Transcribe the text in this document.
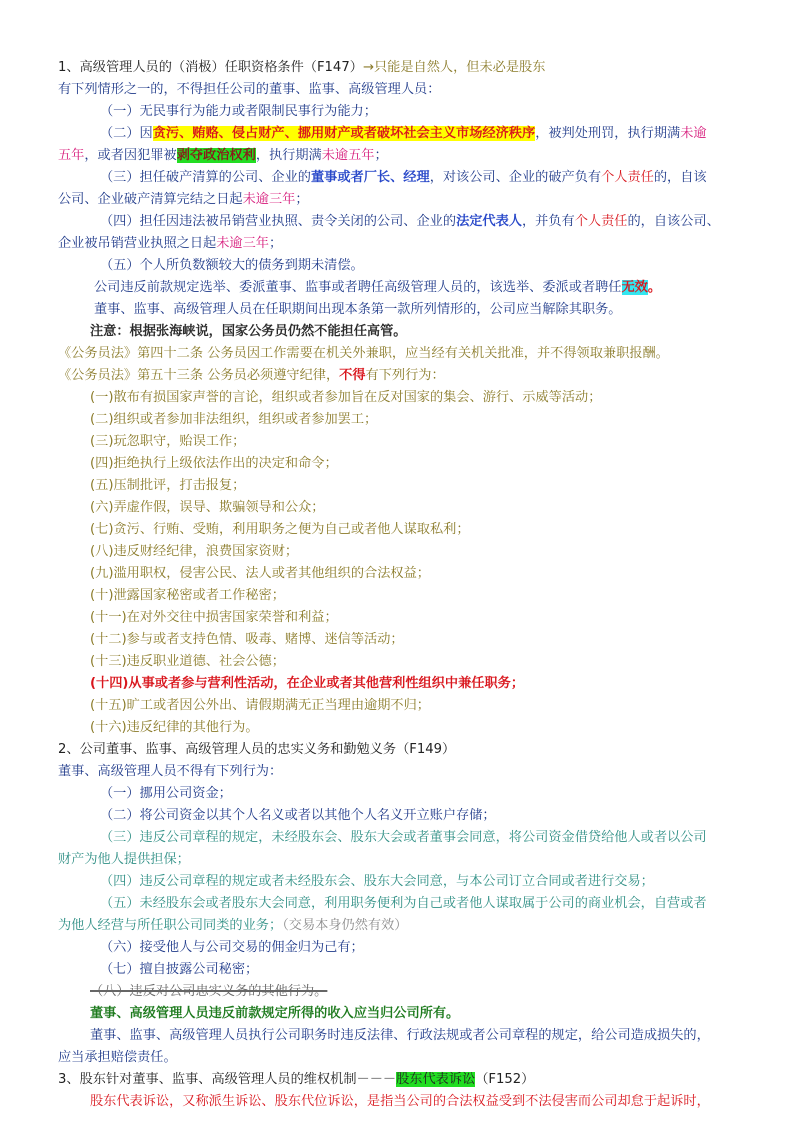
1、高级管理人员的（消极）任职资格条件（F147）→只能是自然人，但未必是股东
有下列情形之一的，不得担任公司的董事、监事、高级管理人员：
（一）无民事行为能力或者限制民事行为能力；
（二）因贪污、贿赂、侵占财产、挪用财产或者破坏社会主义市场经济秩序，被判处刑罚，执行期满未逾
五年，或者因犯罪被剥夺政治权利，执行期满未逾五年；
（三）担任破产清算的公司、企业的董事或者厂长、经理，对该公司、企业的破产负有个人责任的，自该
公司、企业破产清算完结之日起未逾三年；
（四）担任因违法被吊销营业执照、责令关闭的公司、企业的法定代表人，并负有个人责任的，自该公司、
企业被吊销营业执照之日起未逾三年；
（五）个人所负数额较大的债务到期未清偿。
公司违反前款规定选举、委派董事、监事或者聘任高级管理人员的，该选举、委派或者聘任无效。
董事、监事、高级管理人员在任职期间出现本条第一款所列情形的，公司应当解除其职务。
注意：根据张海峡说，国家公务员仍然不能担任高管。
《公务员法》第四十二条 公务员因工作需要在机关外兼职，应当经有关机关批准，并不得领取兼职报酬。
《公务员法》第五十三条 公务员必须遵守纪律，不得有下列行为：
(一)散布有损国家声誉的言论，组织或者参加旨在反对国家的集会、游行、示威等活动；
(二)组织或者参加非法组织，组织或者参加罢工；
(三)玩忽职守，贻误工作；
(四)拒绝执行上级依法作出的决定和命令；
(五)压制批评，打击报复；
(六)弄虚作假，误导、欺骗领导和公众；
(七)贪污、行贿、受贿，利用职务之便为自己或者他人谋取私利；
(八)违反财经纪律，浪费国家资财；
(九)滥用职权，侵害公民、法人或者其他组织的合法权益；
(十)泄露国家秘密或者工作秘密；
(十一)在对外交往中损害国家荣誉和利益；
(十二)参与或者支持色情、吸毒、赌博、迷信等活动；
(十三)违反职业道德、社会公德；
(十四)从事或者参与营利性活动，在企业或者其他营利性组织中兼任职务；
(十五)旷工或者因公外出、请假期满无正当理由逾期不归；
(十六)违反纪律的其他行为。
2、公司董事、监事、高级管理人员的忠实义务和勤勉义务（F149）
董事、高级管理人员不得有下列行为：
（一）挪用公司资金；
（二）将公司资金以其个人名义或者以其他个人名义开立账户存储；
（三）违反公司章程的规定，未经股东会、股东大会或者董事会同意，将公司资金借贷给他人或者以公司
财产为他人提供担保；
（四）违反公司章程的规定或者未经股东会、股东大会同意，与本公司订立合同或者进行交易；
（五）未经股东会或者股东大会同意，利用职务便利为自己或者他人谋取属于公司的商业机会，自营或者
为他人经营与所任职公司同类的业务；（交易本身仍然有效）
（六）接受他人与公司交易的佣金归为己有；
（七）擅自披露公司秘密；
（八）违反对公司忠实义务的其他行为。
董事、高级管理人员违反前款规定所得的收入应当归公司所有。
董事、监事、高级管理人员执行公司职务时违反法律、行政法规或者公司章程的规定，给公司造成损失的，
应当承担赔偿责任。
3、股东针对董事、监事、高级管理人员的维权机制－－－股东代表诉讼（F152）
股东代表诉讼，又称派生诉讼、股东代位诉讼，是指当公司的合法权益受到不法侵害而公司却怠于起诉时，
